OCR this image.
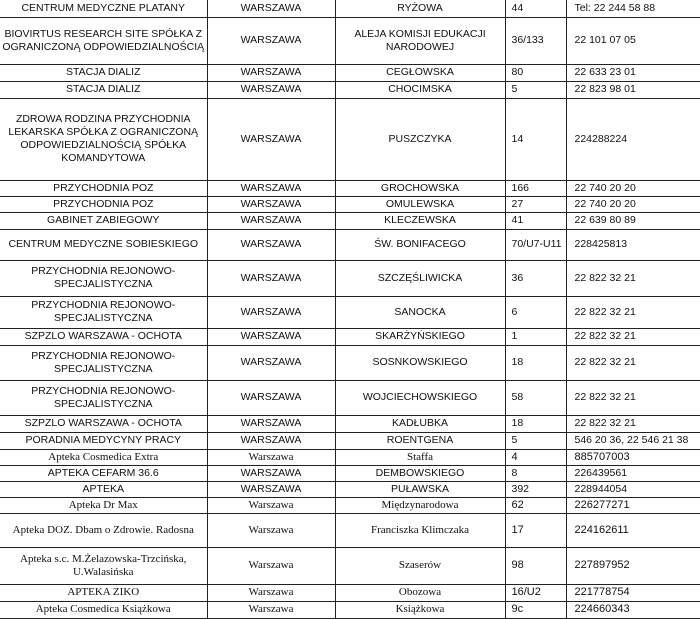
CENTRUM MEDYCZNE PLATANY	WARSZAWA	RYŻOWA	44	Tel: 22 244 58 88
BIOVIRTUS RESEARCH SITE SPÓŁKA Z OGRANICZONĄ ODPOWIEDZIALNOŚCIĄ	WARSZAWA	ALEJA KOMISJI EDUKACJI NARODOWEJ	36/133	22 101 07 05
STACJA DIALIZ	WARSZAWA	CEGŁOWSKA	80	22 633 23 01
STACJA DIALIZ	WARSZAWA	CHOCIMSKA	5	22 823 98 01
ZDROWA RODZINA PRZYCHODNIA LEKARSKA SPÓŁKA Z OGRANICZONĄ ODPOWIEDZIALNOŚCIĄ SPÓŁKA KOMANDYTOWA	WARSZAWA	PUSZCZYKA	14	224288224
PRZYCHODNIA POZ	WARSZAWA	GROCHOWSKA	166	22 740 20 20
PRZYCHODNIA POZ	WARSZAWA	OMULEWSKA	27	22 740 20 20
GABINET ZABIEGOWY	WARSZAWA	KLECZEWSKA	41	22 639 80 89
CENTRUM MEDYCZNE SOBIESKIEGO	WARSZAWA	ŚW. BONIFACEGO	70/U7-U11	228425813
PRZYCHODNIA REJONOWO-SPECJALISTYCZNA	WARSZAWA	SZCZĘŚLIWICKA	36	22 822 32 21
PRZYCHODNIA REJONOWO-SPECJALISTYCZNA	WARSZAWA	SANOCKA	6	22 822 32 21
SZPZLO WARSZAWA - OCHOTA	WARSZAWA	SKARŻYŃSKIEGO	1	22 822 32 21
PRZYCHODNIA REJONOWO-SPECJALISTYCZNA	WARSZAWA	SOSNKOWSKIEGO	18	22 822 32 21
PRZYCHODNIA REJONOWO-SPECJALISTYCZNA	WARSZAWA	WOJCIECHOWSKIEGO	58	22 822 32 21
SZPZLO WARSZAWA - OCHOTA	WARSZAWA	KADŁUBKA	18	22 822 32 21
PORADNIA MEDYCYNY PRACY	WARSZAWA	ROENTGENA	5	546 20 36, 22 546 21 38
Apteka Cosmedica Extra	Warszawa	Staffa	4	885707003
APTEKA CEFARM 36.6	WARSZAWA	DEMBOWSKIEGO	8	226439561
APTEKA	WARSZAWA	PUŁAWSKA	392	228944054
Apteka Dr Max	Warszawa	Międzynarodowa	62	226277271
Apteka DOZ. Dbam o Zdrowie. Radosna	Warszawa	Franciszka Klimczaka	17	224162611
Apteka s.c. M.Żelazowska-Trzcińska, U.Walasińska	Warszawa	Szaserów	98	227897952
APTEKA ZIKO	Warszawa	Obozowa	16/U2	221778754
Apteka Cosmedica Książkowa	Warszawa	Książkowa	9c	224660343
